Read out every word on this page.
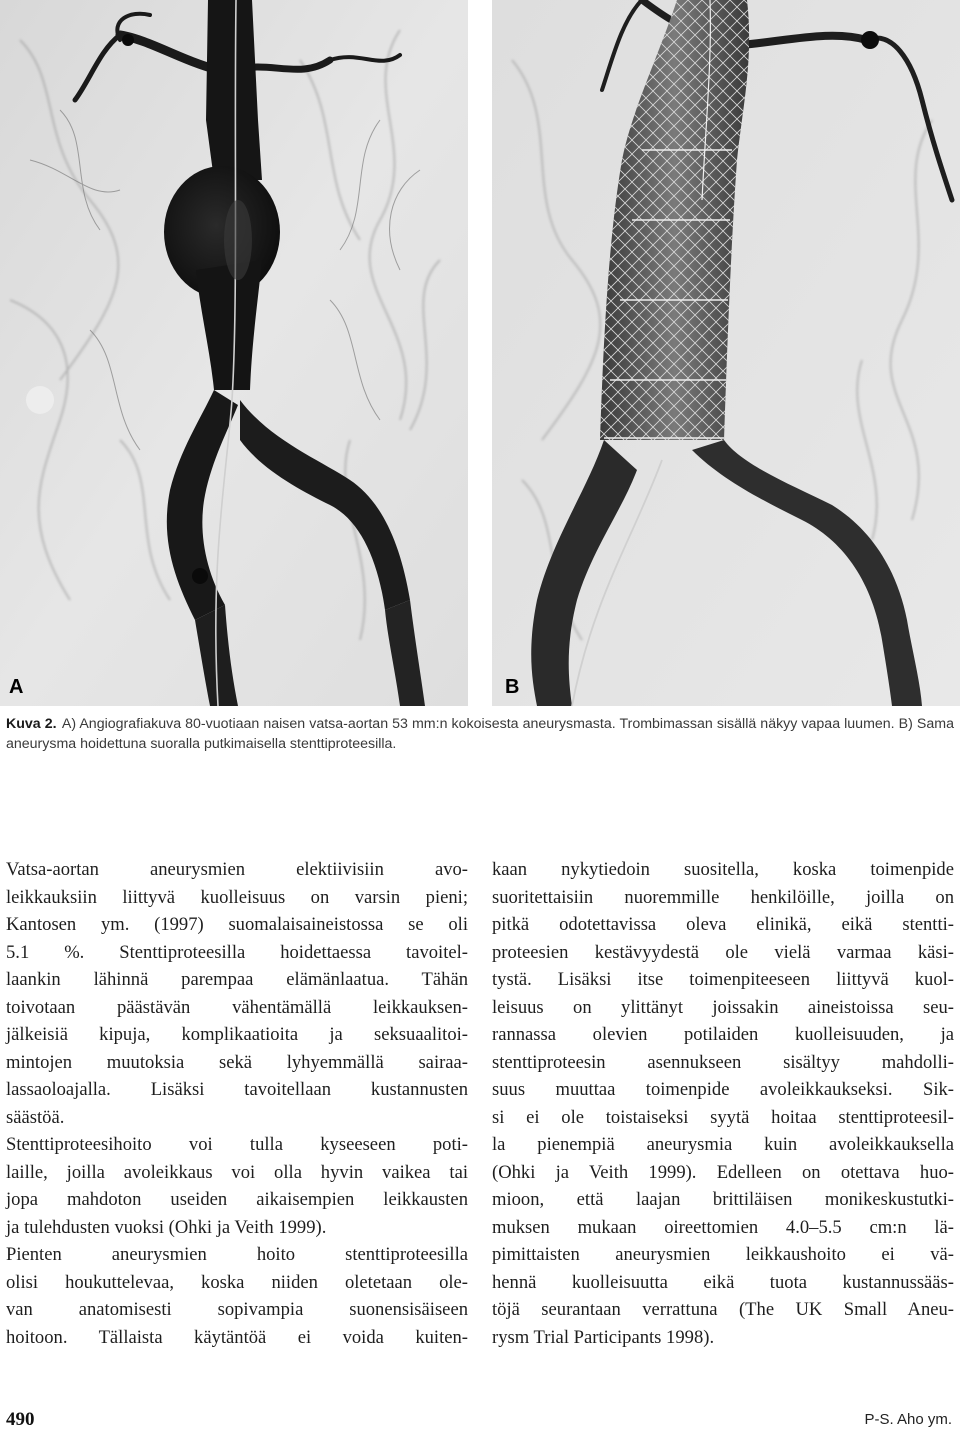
A	B
Kuva 2. A) Angiografiakuva 80-vuotiaan naisen vatsa-aortan 53 mm:n kokoisesta aneurysmasta. Trombimassan sisällä näkyy vapaa luumen. B) Sama aneurysma hoidettuna suoralla putkimaisella stenttiproteesilla.

Vatsa-aortan aneurysmien elektiivisiin avo-
leikkauksiin liittyvä kuolleisuus on varsin pieni;
Kantosen ym. (1997) suomalaisaineistossa se oli
5.1 %. Stenttiproteesilla hoidettaessa tavoitel-
laankin lähinnä parempaa elämänlaatua. Tähän
toivotaan päästävän vähentämällä leikkauksen-
jälkeisiä kipuja, komplikaatioita ja seksuaalitoi-
mintojen muutoksia sekä lyhyemmällä sairaa-
lassaoloajalla. Lisäksi tavoitellaan kustannusten
säästöä.

Stenttiproteesihoito voi tulla kyseeseen poti-
laille, joilla avoleikkaus voi olla hyvin vaikea tai
jopa mahdoton useiden aikaisempien leikkausten
ja tulehdusten vuoksi (Ohki ja Veith 1999).

Pienten aneurysmien hoito stenttiproteesilla
olisi houkuttelevaa, koska niiden oletetaan ole-
van anatomisesti sopivampia suonensisäiseen
hoitoon. Tällaista käytäntöä ei voida kuiten-

kaan nykytiedoin suositella, koska toimenpide
suoritettaisiin nuoremmille henkilöille, joilla on
pitkä odotettavissa oleva elinikä, eikä stentti-
proteesien kestävyydestä ole vielä varmaa käsi-
tystä. Lisäksi itse toimenpiteeseen liittyvä kuol-
leisuus on ylittänyt joissakin aineistoissa seu-
rannassa olevien potilaiden kuolleisuuden, ja
stenttiproteesin asennukseen sisältyy mahdolli-
suus muuttaa toimenpide avoleikkaukseksi. Sik-
si ei ole toistaiseksi syytä hoitaa stenttiproteesil-
la pienempiä aneurysmia kuin avoleikkauksella
(Ohki ja Veith 1999). Edelleen on otettava huo-
mioon, että laajan brittiläisen monikeskustutki-
muksen mukaan oireettomien 4.0–5.5 cm:n lä-
pimittaisten aneurysmien leikkaushoito ei vä-
hennä kuolleisuutta eikä tuota kustannussääs-
töjä seurantaan verrattuna (The UK Small Aneu-
rysm Trial Participants 1998).

490	P-S. Aho ym.
